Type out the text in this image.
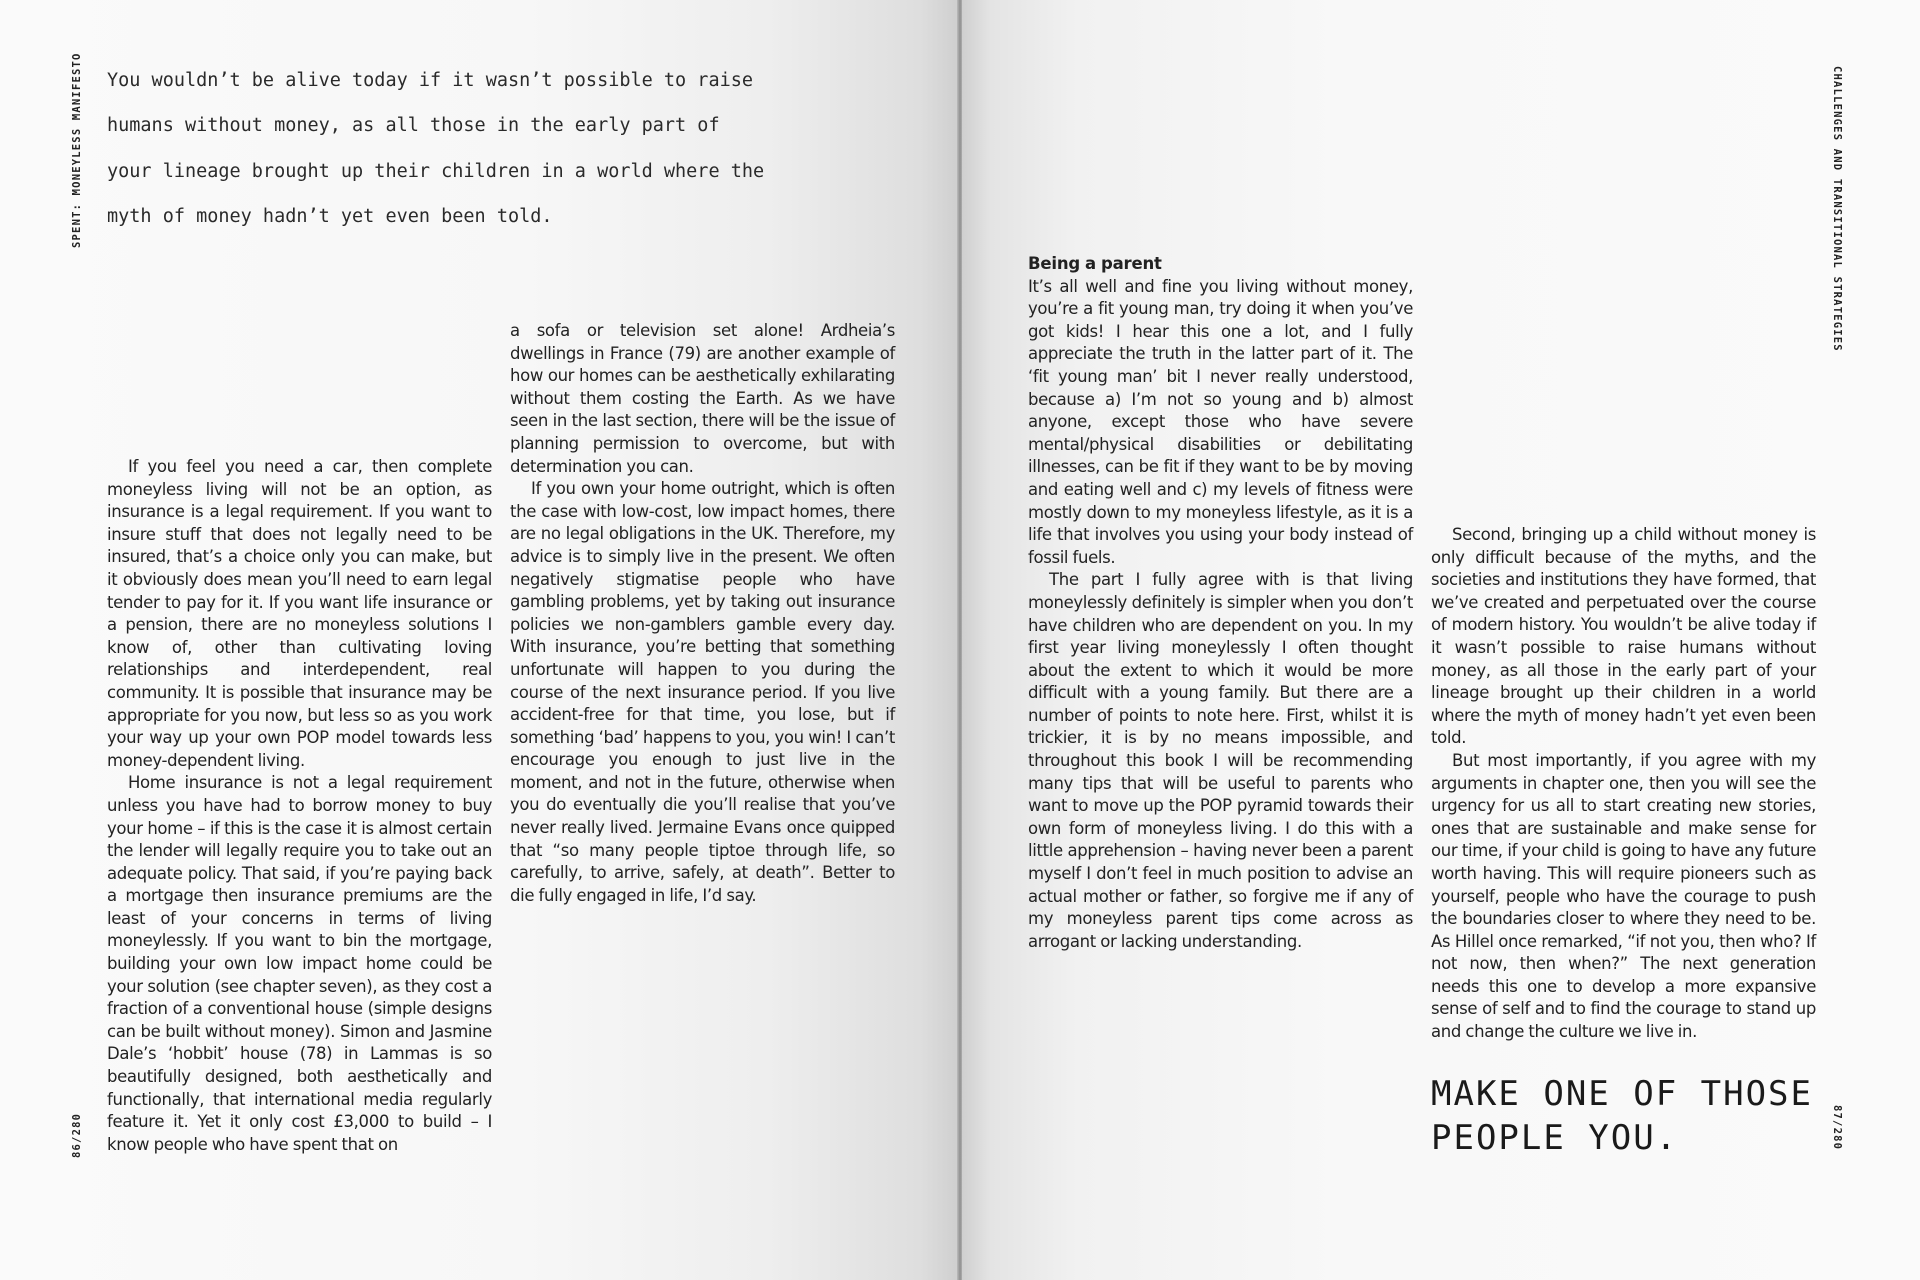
SPENT: MONEYLESS MANIFESTO
86/280
You wouldn’t be alive today if it wasn’t possible to raise
humans without money, as all those in the early part of
your lineage brought up their children in a world where the
myth of money hadn’t yet even been told.

If you feel you need a car, then complete moneyless living will not be an option, as insurance is a legal requirement. If you want to insure stuff that does not legally need to be insured, that’s a choice only you can make, but it obviously does mean you’ll need to earn legal tender to pay for it. If you want life insurance or a pension, there are no moneyless solutions I know of, other than cultivating loving relationships and interdependent, real community. It is possible that insurance may be appropriate for you now, but less so as you work your way up your own POP model towards less money-dependent living.

Home insurance is not a legal requirement unless you have had to borrow money to buy your home – if this is the case it is almost certain the lender will legally require you to take out an adequate policy. That said, if you’re paying back a mortgage then insurance premiums are the least of your concerns in terms of living moneylessly. If you want to bin the mortgage, building your own low impact home could be your solution (see chapter seven), as they cost a fraction of a conventional house (simple designs can be built without money). Simon and Jasmine Dale’s ‘hobbit’ house (78) in Lammas is so beautifully designed, both aesthetically and functionally, that international media regularly feature it. Yet it only cost £3,000 to build – I know people who have spent that on

a sofa or television set alone! Ardheia’s dwellings in France (79) are another example of how our homes can be aesthetically exhilarating without them costing the Earth. As we have seen in the last section, there will be the issue of planning permission to overcome, but with determination you can.

If you own your home outright, which is often the case with low-cost, low impact homes, there are no legal obligations in the UK. Therefore, my advice is to simply live in the present. We often negatively stigmatise people who have gambling problems, yet by taking out insurance policies we non-gamblers gamble every day. With insurance, you’re betting that something unfortunate will happen to you during the course of the next insurance period. If you live accident-free for that time, you lose, but if something ‘bad’ happens to you, you win! I can’t encourage you enough to just live in the moment, and not in the future, otherwise when you do eventually die you’ll realise that you’ve never really lived. Jermaine Evans once quipped that “so many people tiptoe through life, so carefully, to arrive, safely, at death”. Better to die fully engaged in life, I’d say.

CHALLENGES AND TRANSITIONAL STRATEGIES
87/280

Being a parent

It’s all well and fine you living without money, you’re a fit young man, try doing it when you’ve got kids! I hear this one a lot, and I fully appreciate the truth in the latter part of it. The ‘fit young man’ bit I never really understood, because a) I’m not so young and b) almost anyone, except those who have severe mental/physical disabilities or debilitating illnesses, can be fit if they want to be by moving and eating well and c) my levels of fitness were mostly down to my moneyless lifestyle, as it is a life that involves you using your body instead of fossil fuels.

The part I fully agree with is that living moneylessly definitely is simpler when you don’t have children who are dependent on you. In my first year living moneylessly I often thought about the extent to which it would be more difficult with a young family. But there are a number of points to note here. First, whilst it is trickier, it is by no means impossible, and throughout this book I will be recommending many tips that will be useful to parents who want to move up the POP pyramid towards their own form of moneyless living. I do this with a little apprehension – having never been a parent myself I don’t feel in much position to advise an actual mother or father, so forgive me if any of my moneyless parent tips come across as arrogant or lacking understanding.

Second, bringing up a child without money is only difficult because of the myths, and the societies and institutions they have formed, that we’ve created and perpetuated over the course of modern history. You wouldn’t be alive today if it wasn’t possible to raise humans without money, as all those in the early part of your lineage brought up their children in a world where the myth of money hadn’t yet even been told.

But most importantly, if you agree with my arguments in chapter one, then you will see the urgency for us all to start creating new stories, ones that are sustainable and make sense for our time, if your child is going to have any future worth having. This will require pioneers such as yourself, people who have the courage to push the boundaries closer to where they need to be. As Hillel once remarked, “if not you, then who? If not now, then when?” The next generation needs this one to develop a more expansive sense of self and to find the courage to stand up and change the culture we live in.

MAKE ONE OF THOSE
PEOPLE YOU.
